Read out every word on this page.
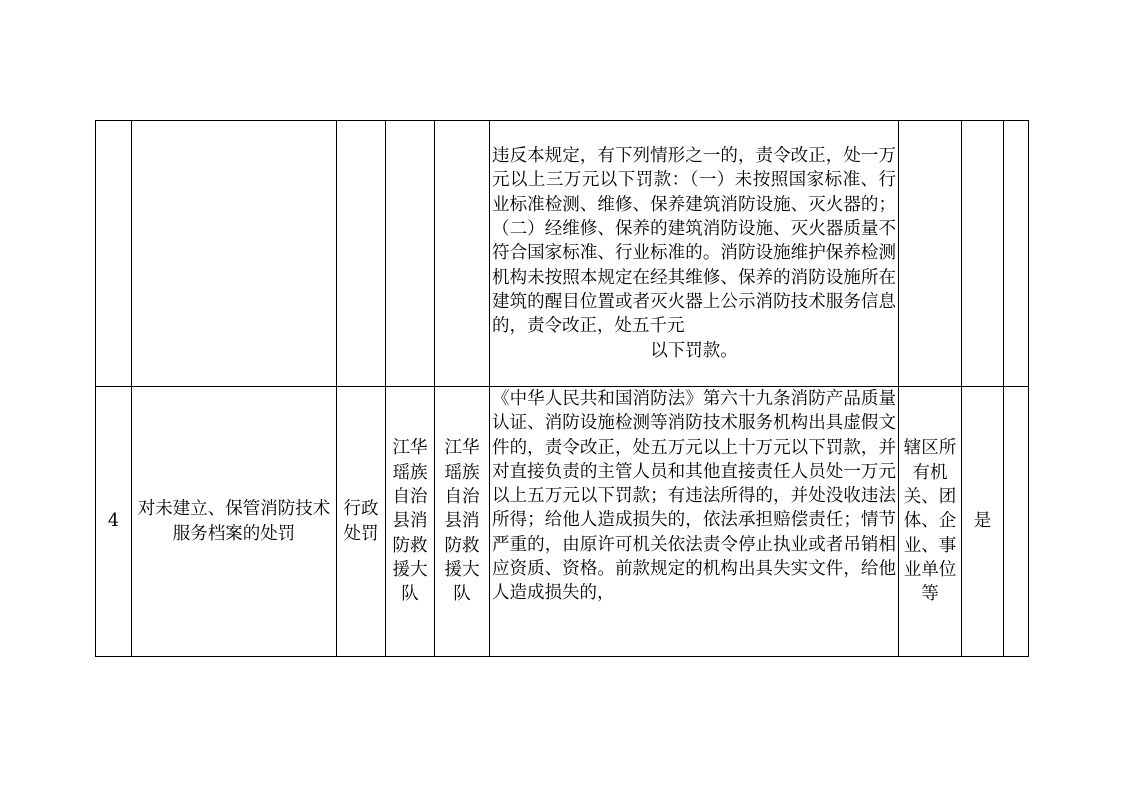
					违反本规定，有下列情形之一的，责令改正，处一万元以上三万元以下罚款：（一）未按照国家标准、行业标准检测、维修、保养建筑消防设施、灭火器的；（二）经维修、保养的建筑消防设施、灭火器质量不符合国家标准、行业标准的。消防设施维护保养检测机构未按照本规定在经其维修、保养的消防设施所在建筑的醒目位置或者灭火器上公示消防技术服务信息的，责令改正，处五千元
以下罚款。			

4	对未建立、保管消防技术服务档案的处罚	行政处罚	江华瑶族自治县消防救援大队	江华瑶族自治县消防救援大队	《中华人民共和国消防法》第六十九条消防产品质量认证、消防设施检测等消防技术服务机构出具虚假文件的，责令改正，处五万元以上十万元以下罚款，并对直接负责的主管人员和其他直接责任人员处一万元以上五万元以下罚款；有违法所得的，并处没收违法所得；给他人造成损失的，依法承担赔偿责任；情节严重的，由原许可机关依法责令停止执业或者吊销相应资质、资格。前款规定的机构出具失实文件，给他人造成损失的，	辖区所有机关、团体、企业、事业单位等	是	
